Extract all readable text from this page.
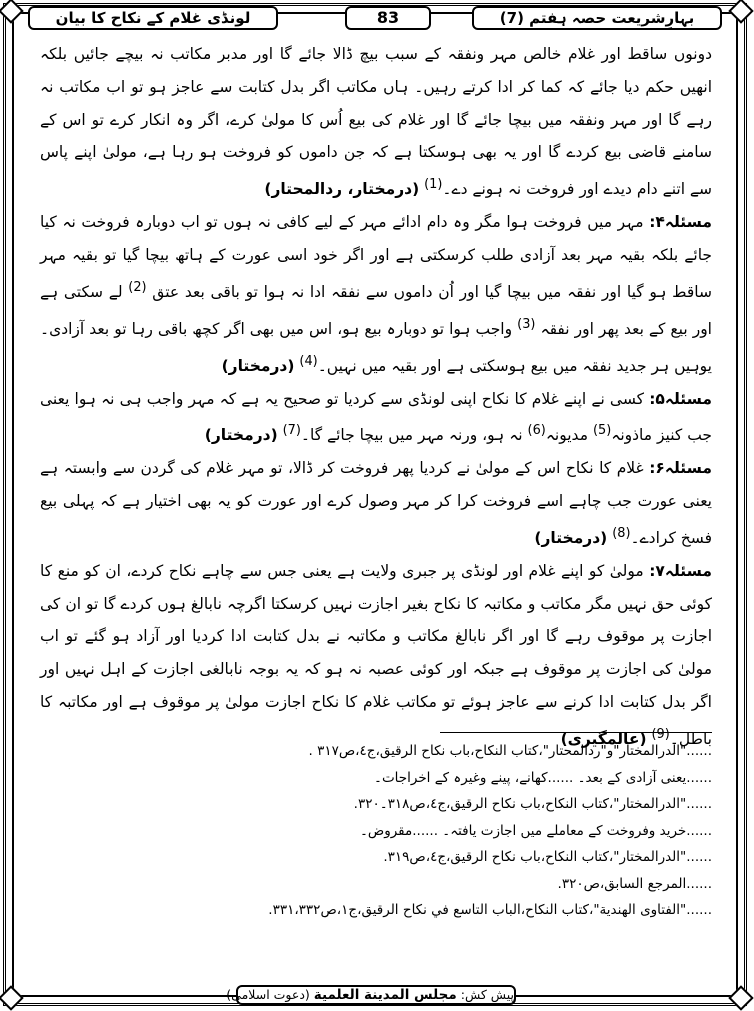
بہارِشریعت حصہ ہفتم (7)
83
لونڈی غلام کے نکاح کا بیان

دونوں ساقط اور غلام خالص مہر ونفقہ کے سبب بیچ ڈالا جائے گا اور مدبر مکاتب نہ بیچے جائیں بلکہ انھیں حکم دیا جائے کہ کما کر ادا کرتے رہیں۔ ہاں مکاتب اگر بدل کتابت سے عاجز ہو تو اب مکاتب نہ رہے گا اور مہر ونفقہ میں بیچا جائے گا اور غلام کی بیع اُس کا مولیٰ کرے، اگر وہ انکار کرے تو اس کے سامنے قاضی بیع کردے گا اور یہ بھی ہوسکتا ہے کہ جن داموں کو فروخت ہو رہا ہے، مولیٰ اپنے پاس سے اتنے دام دیدے اور فروخت نہ ہونے دے۔$^{(1)}$ (درمختار، ردالمحتار)

مسئلہ۴: مہر میں فروخت ہوا مگر وہ دام ادائے مہر کے لیے کافی نہ ہوں تو اب دوبارہ فروخت نہ کیا جائے بلکہ بقیہ مہر بعد آزادی طلب کرسکتی ہے اور اگر خود اسی عورت کے ہاتھ بیچا گیا تو بقیہ مہر ساقط ہو گیا اور نفقہ میں بیچا گیا اور اُن داموں سے نفقہ ادا نہ ہوا تو باقی بعد عتق $^{(2)}$ لے سکتی ہے اور بیع کے بعد پھر اور نفقہ $^{(3)}$ واجب ہوا تو دوبارہ بیع ہو، اس میں بھی اگر کچھ باقی رہا تو بعد آزادی۔ یوہیں ہر جدید نفقہ میں بیع ہوسکتی ہے اور بقیہ میں نہیں۔$^{(4)}$ (درمختار)

مسئلہ۵: کسی نے اپنے غلام کا نکاح اپنی لونڈی سے کردیا تو صحیح یہ ہے کہ مہر واجب ہی نہ ہوا یعنی جب کنیز ماذونہ$^{(5)}$ مدیونہ$^{(6)}$ نہ ہو، ورنہ مہر میں بیچا جائے گا۔$^{(7)}$ (درمختار)

مسئلہ۶: غلام کا نکاح اس کے مولیٰ نے کردیا پھر فروخت کر ڈالا، تو مہر غلام کی گردن سے وابستہ ہے یعنی عورت جب چاہے اسے فروخت کرا کر مہر وصول کرے اور عورت کو یہ بھی اختیار ہے کہ پہلی بیع فسخ کرادے۔$^{(8)}$ (درمختار)

مسئلہ۷: مولیٰ کو اپنے غلام اور لونڈی پر جبری ولایت ہے یعنی جس سے چاہے نکاح کردے، ان کو منع کا کوئی حق نہیں مگر مکاتب و مکاتبہ کا نکاح بغیر اجازت نہیں کرسکتا اگرچہ نابالغ ہوں کردے گا تو ان کی اجازت پر موقوف رہے گا اور اگر نابالغ مکاتب و مکاتبہ نے بدل کتابت ادا کردیا اور آزاد ہو گئے تو اب مولیٰ کی اجازت پر موقوف ہے جبکہ اور کوئی عصبہ نہ ہو کہ یہ بوجہ نابالغی اجازت کے اہل نہیں اور اگر بدل کتابت ادا کرنے سے عاجز ہوئے تو مکاتب غلام کا نکاح اجازت مولیٰ پر موقوف ہے اور مکاتبہ کا باطل۔$^{(9)}$ (عالمگیری)

......"الدرالمختار"و"ردالمحتار"،کتاب النکاح،باب نکاح الرقیق،ج٤،ص٣١٧ .
......یعنی آزادی کے بعد۔ ......کھانے، پینے وغیرہ کے اخراجات۔
......"الدرالمختار"،کتاب النکاح،باب نکاح الرقیق،ج٤،ص٣١٨۔٣٢٠.
......خرید وفروخت کے معاملے میں اجازت یافتہ۔ ......مقروض۔
......"الدرالمختار"،کتاب النکاح،باب نکاح الرقیق،ج٤،ص٣١٩.
......المرجع السابق،ص٣٢٠.
......"الفتاوی الهندية"،کتاب النکاح،الباب التاسع في نکاح الرقیق،ج١،ص٣٣١،٣٣٢.
پیش کش: مجلس المدینة العلمیة (دعوت اسلامی)
